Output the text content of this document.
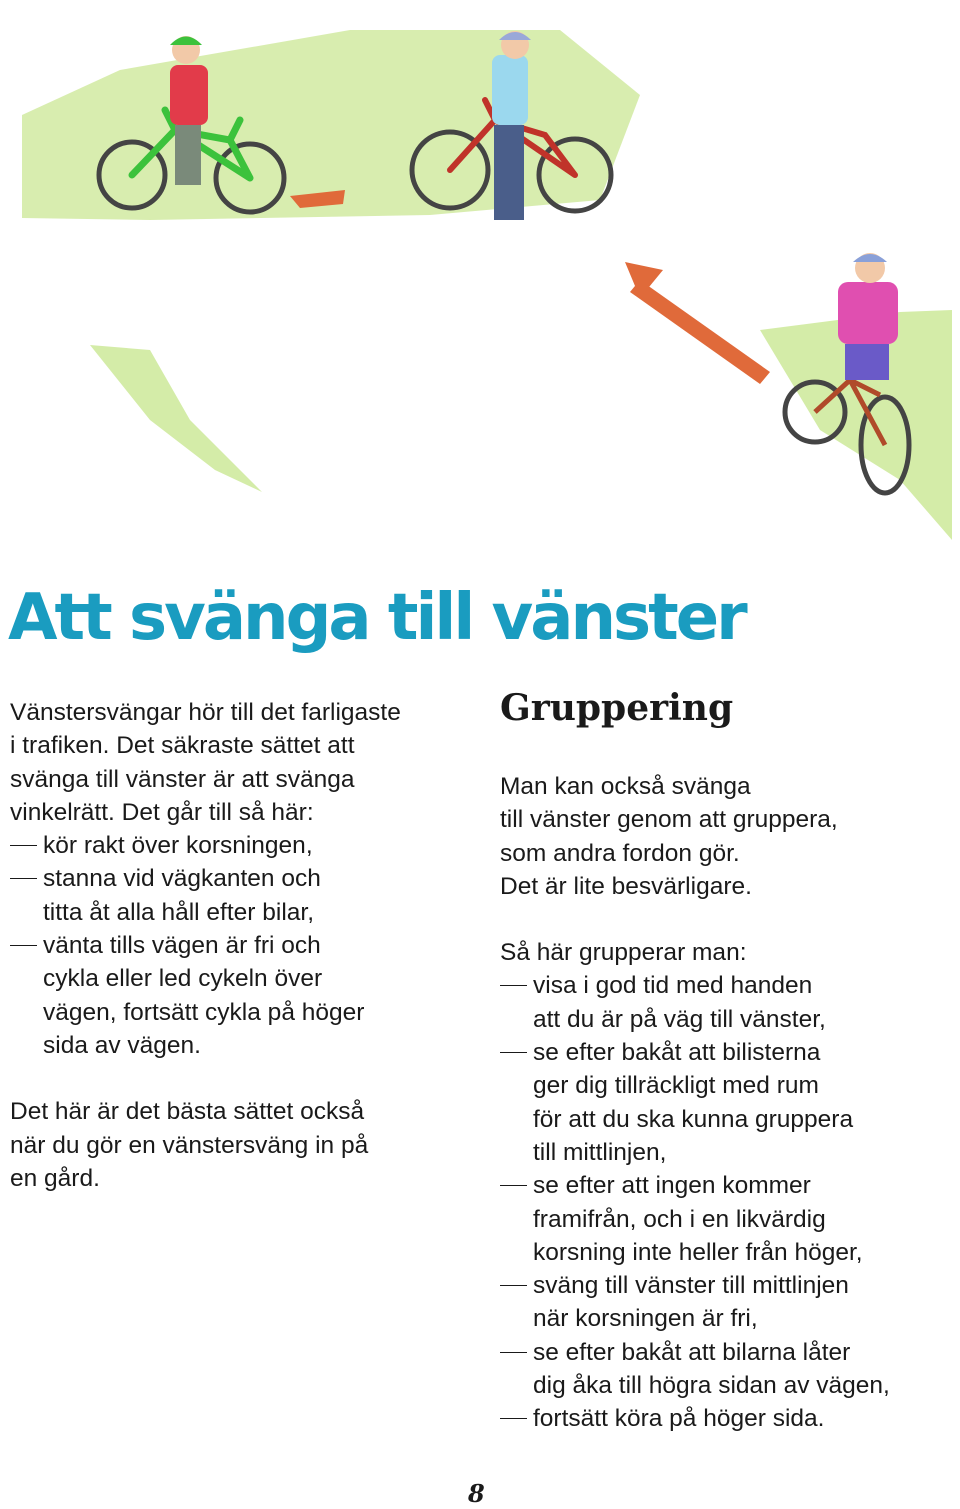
Att svänga till vänster

Vänstersvängar hör till det farligaste

i trafiken. Det säkraste sättet att

svänga till vänster är att svänga

vinkelrätt. Det går till så här:

kör rakt över korsningen,

stanna vid vägkanten och

titta åt alla håll efter bilar,

vänta tills vägen är fri och

cykla eller led cykeln över

vägen, fortsätt cykla på höger

sida av vägen.

Det här är det bästa sättet också

när du gör en vänstersväng in på

en gård.

Gruppering

Man kan också svänga

till vänster genom att gruppera,

som andra fordon gör.

Det är lite besvärligare.

Så här grupperar man:

visa i god tid med handen

att du är på väg till vänster,

se efter bakåt att bilisterna

ger dig tillräckligt med rum

för att du ska kunna gruppera

till mittlinjen,

se efter att ingen kommer

framifrån, och i en likvärdig

korsning inte heller från höger,

sväng till vänster till mittlinjen

när korsningen är fri,

se efter bakåt att bilarna låter

dig åka till högra sidan av vägen,

fortsätt köra på höger sida.

8
